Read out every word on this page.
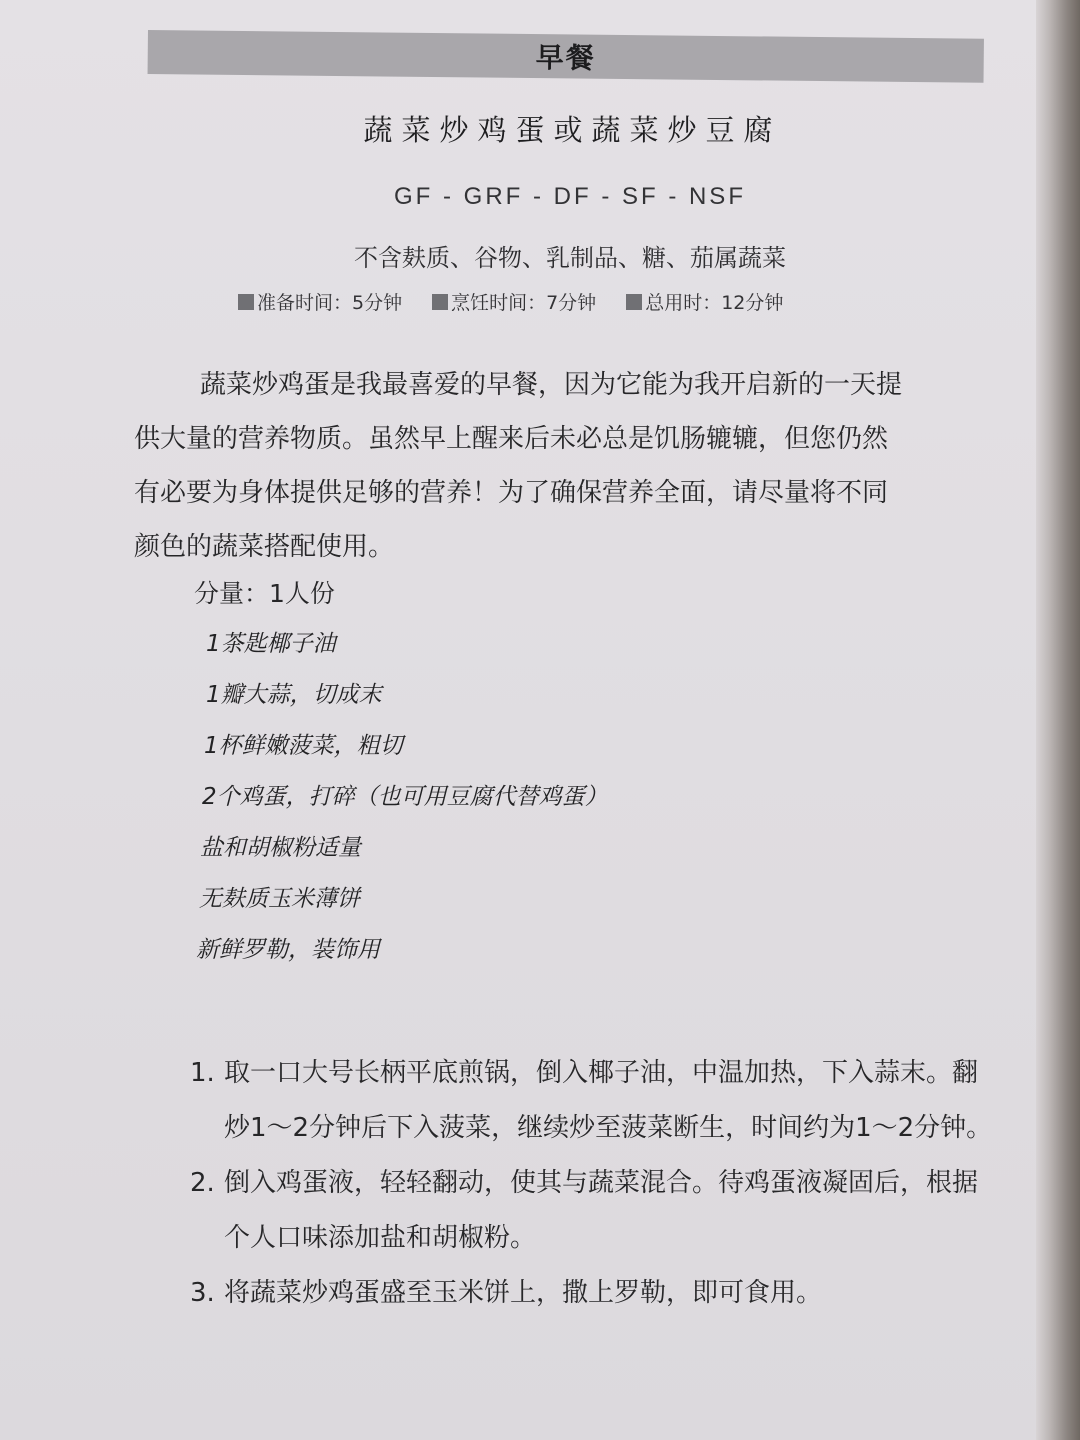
早餐
蔬菜炒鸡蛋或蔬菜炒豆腐
GF - GRF - DF - SF - NSF
不含麸质、谷物、乳制品、糖、茄属蔬菜
准备时间：5分钟	烹饪时间：7分钟	总用时：12分钟
蔬菜炒鸡蛋是我最喜爱的早餐，因为它能为我开启新的一天提
供大量的营养物质。虽然早上醒来后未必总是饥肠辘辘，但您仍然
有必要为身体提供足够的营养！为了确保营养全面，请尽量将不同
颜色的蔬菜搭配使用。
分量：1人份
1茶匙椰子油
1瓣大蒜，切成末
1杯鲜嫩菠菜，粗切
2个鸡蛋，打碎（也可用豆腐代替鸡蛋）
盐和胡椒粉适量
无麸质玉米薄饼
新鲜罗勒，装饰用
1. 取一口大号长柄平底煎锅，倒入椰子油，中温加热，下入蒜末。翻炒1～2分钟后下入菠菜，继续炒至菠菜断生，时间约为1～2分钟。
2. 倒入鸡蛋液，轻轻翻动，使其与蔬菜混合。待鸡蛋液凝固后，根据个人口味添加盐和胡椒粉。
3. 将蔬菜炒鸡蛋盛至玉米饼上，撒上罗勒，即可食用。
